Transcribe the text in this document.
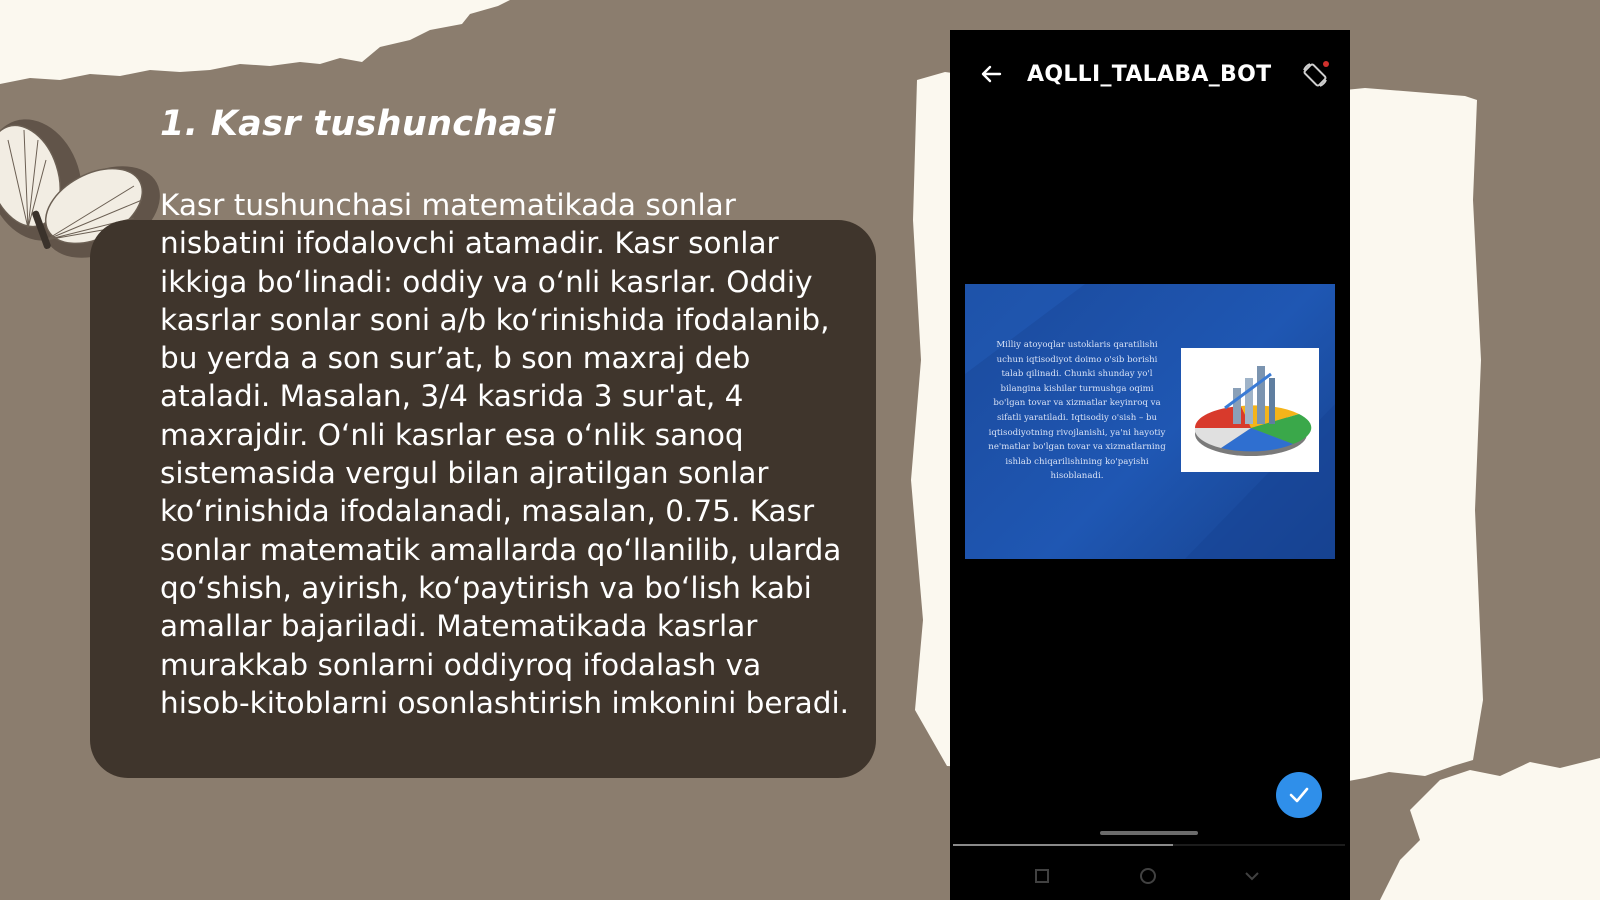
1. Kasr tushunchasi

Kasr tushunchasi matematikada sonlar nisbatini ifodalovchi atamadir. Kasr sonlar ikkiga bo‘linadi: oddiy va o‘nli kasrlar. Oddiy kasrlar sonlar soni a/b ko‘rinishida ifodalanib, bu yerda a son sur’at, b son maxraj deb ataladi. Masalan, 3/4 kasrida 3 sur'at, 4 maxrajdir. O‘nli kasrlar esa o‘nlik sanoq sistemasida vergul bilan ajratilgan sonlar ko‘rinishida ifodalanadi, masalan, 0.75. Kasr sonlar matematik amallarda qo‘llanilib, ularda qo‘shish, ayirish, ko‘paytirish va bo‘lish kabi amallar bajariladi. Matematikada kasrlar murakkab sonlarni oddiyroq ifodalash va hisob-kitoblarni osonlashtirish imkonini beradi.

AQLLI_TALABA_BOT
Milliy atoyoqlar ustoklaris qaratilishi uchun iqtisodiyot doimo o'sib borishi talab qilinadi. Chunki shunday yo'l bilangina kishilar turmushga oqimi bo'lgan tovar va xizmatlar keyinroq va sifatli yaratiladi. Iqtisodiy o'sish – bu iqtisodiyotning rivojlanishi, ya'ni hayotiy ne'matlar bo'lgan tovar va xizmatlarning ishlab chiqarilishining ko'payishi hisoblanadi.
